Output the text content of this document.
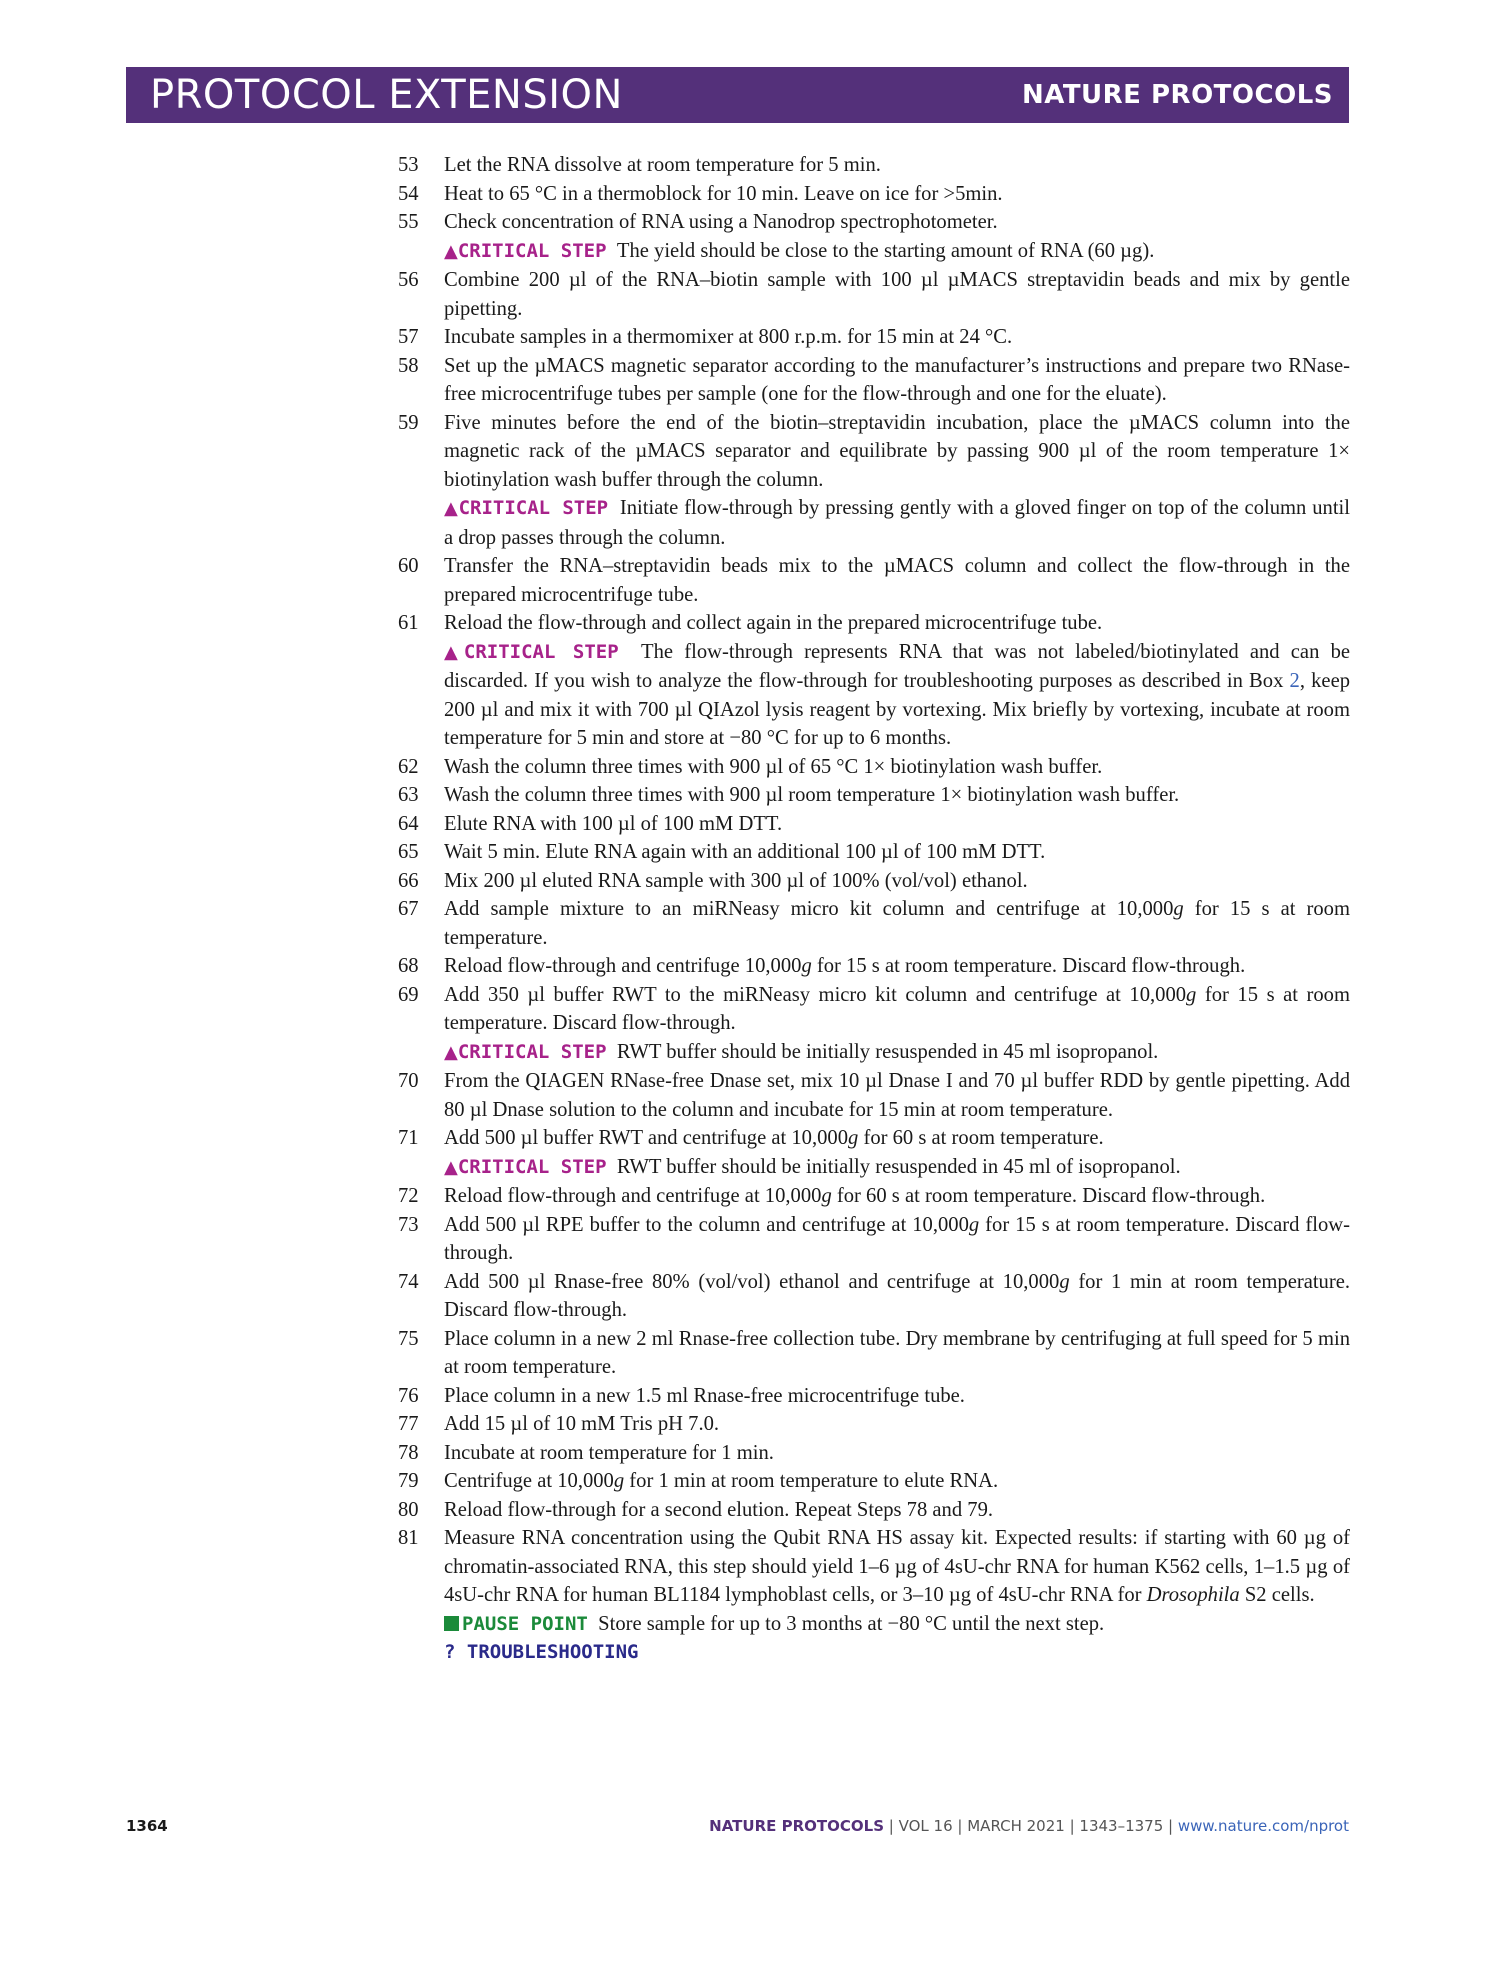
PROTOCOL EXTENSION	NATURE PROTOCOLS
53	Let the RNA dissolve at room temperature for 5 min.
54	Heat to 65 °C in a thermoblock for 10 min. Leave on ice for >5min.
55	Check concentration of RNA using a Nanodrop spectrophotometer.
▲CRITICAL STEP The yield should be close to the starting amount of RNA (60 µg).
56	Combine 200 µl of the RNA–biotin sample with 100 µl µMACS streptavidin beads and mix by gentle pipetting.
57	Incubate samples in a thermomixer at 800 r.p.m. for 15 min at 24 °C.
58	Set up the µMACS magnetic separator according to the manufacturer’s instructions and prepare two RNase-free microcentrifuge tubes per sample (one for the flow-through and one for the eluate).
59	Five minutes before the end of the biotin–streptavidin incubation, place the µMACS column into the magnetic rack of the µMACS separator and equilibrate by passing 900 µl of the room temperature 1× biotinylation wash buffer through the column.
▲CRITICAL STEP Initiate flow-through by pressing gently with a gloved finger on top of the column until a drop passes through the column.
60	Transfer the RNA–streptavidin beads mix to the µMACS column and collect the flow-through in the prepared microcentrifuge tube.
61	Reload the flow-through and collect again in the prepared microcentrifuge tube.
▲CRITICAL STEP The flow-through represents RNA that was not labeled/biotinylated and can be discarded. If you wish to analyze the flow-through for troubleshooting purposes as described in Box 2, keep 200 µl and mix it with 700 µl QIAzol lysis reagent by vortexing. Mix briefly by vortexing, incubate at room temperature for 5 min and store at −80 °C for up to 6 months.
62	Wash the column three times with 900 µl of 65 °C 1× biotinylation wash buffer.
63	Wash the column three times with 900 µl room temperature 1× biotinylation wash buffer.
64	Elute RNA with 100 µl of 100 mM DTT.
65	Wait 5 min. Elute RNA again with an additional 100 µl of 100 mM DTT.
66	Mix 200 µl eluted RNA sample with 300 µl of 100% (vol/vol) ethanol.
67	Add sample mixture to an miRNeasy micro kit column and centrifuge at 10,000g for 15 s at room temperature.
68	Reload flow-through and centrifuge 10,000g for 15 s at room temperature. Discard flow-through.
69	Add 350 µl buffer RWT to the miRNeasy micro kit column and centrifuge at 10,000g for 15 s at room temperature. Discard flow-through.
▲CRITICAL STEP RWT buffer should be initially resuspended in 45 ml isopropanol.
70	From the QIAGEN RNase-free Dnase set, mix 10 µl Dnase I and 70 µl buffer RDD by gentle pipetting. Add 80 µl Dnase solution to the column and incubate for 15 min at room temperature.
71	Add 500 µl buffer RWT and centrifuge at 10,000g for 60 s at room temperature.
▲CRITICAL STEP RWT buffer should be initially resuspended in 45 ml of isopropanol.
72	Reload flow-through and centrifuge at 10,000g for 60 s at room temperature. Discard flow-through.
73	Add 500 µl RPE buffer to the column and centrifuge at 10,000g for 15 s at room temperature. Discard flow-through.
74	Add 500 µl Rnase-free 80% (vol/vol) ethanol and centrifuge at 10,000g for 1 min at room temperature. Discard flow-through.
75	Place column in a new 2 ml Rnase-free collection tube. Dry membrane by centrifuging at full speed for 5 min at room temperature.
76	Place column in a new 1.5 ml Rnase-free microcentrifuge tube.
77	Add 15 µl of 10 mM Tris pH 7.0.
78	Incubate at room temperature for 1 min.
79	Centrifuge at 10,000g for 1 min at room temperature to elute RNA.
80	Reload flow-through for a second elution. Repeat Steps 78 and 79.
81	Measure RNA concentration using the Qubit RNA HS assay kit. Expected results: if starting with 60 µg of chromatin-associated RNA, this step should yield 1–6 µg of 4sU-chr RNA for human K562 cells, 1–1.5 µg of 4sU-chr RNA for human BL1184 lymphoblast cells, or 3–10 µg of 4sU-chr RNA for Drosophila S2 cells.
PAUSE POINT Store sample for up to 3 months at −80 °C until the next step.
? TROUBLESHOOTING
1364	NATURE PROTOCOLS | VOL 16 | MARCH 2021 | 1343–1375 | www.nature.com/nprot
